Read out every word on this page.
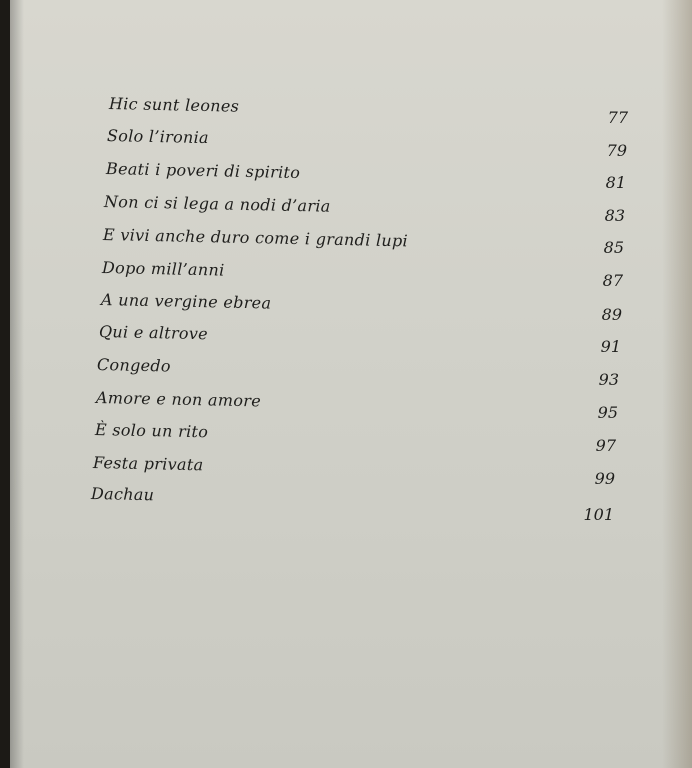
Hic sunt leones
77
Solo l’ironia
79
Beati i poveri di spirito
81
Non ci si lega a nodi d’aria	83
E vivi anche duro come i grandi lupi	85
Dopo mill’anni
87
A una vergine ebrea
89
Qui e altrove
91
Congedo
93
Amore e non amore
95
È solo un rito
97
Festa privata
99
Dachau
101
